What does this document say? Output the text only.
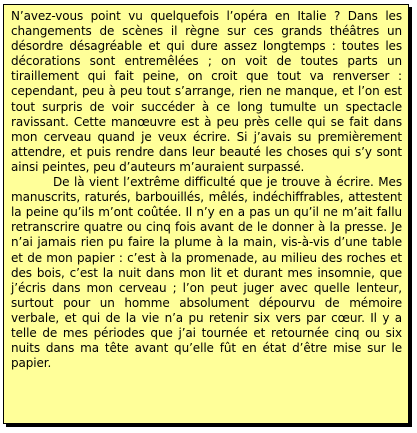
N’avez-vous point vu quelquefois l’opéra en Italie ? Dans les changements de scènes il règne sur ces grands théâtres un désordre désagréable et qui dure assez longtemps : toutes les décorations sont entremêlées ; on voit de toutes parts un tiraillement qui fait peine, on croit que tout va renverser : cependant, peu à peu tout s’arrange, rien ne manque, et l’on est tout surpris de voir succéder à ce long tumulte un spectacle ravissant. Cette manœuvre est à peu près celle qui se fait dans mon cerveau quand je veux écrire. Si j’avais su premièrement attendre, et puis rendre dans leur beauté les choses qui s’y sont ainsi peintes, peu d’auteurs m’auraient surpassé.

De là vient l’extrême difficulté que je trouve à écrire. Mes manuscrits, raturés, barbouillés, mêlés, indéchiffrables, attestent la peine qu’ils m’ont coûtée. Il n’y en a pas un qu’il ne m’ait fallu retranscrire quatre ou cinq fois avant de le donner à la presse. Je n’ai jamais rien pu faire la plume à la main, vis-à-vis d’une table et de mon papier : c’est à la promenade, au milieu des roches et des bois, c’est la nuit dans mon lit et durant mes insomnie, que j’écris dans mon cerveau ; l’on peut juger avec quelle lenteur, surtout pour un homme absolument dépourvu de mémoire verbale, et qui de la vie n’a pu retenir six vers par cœur. Il y a telle de mes périodes que j’ai tournée et retournée cinq ou six nuits dans ma tête avant qu’elle fût en état d’être mise sur le papier.
